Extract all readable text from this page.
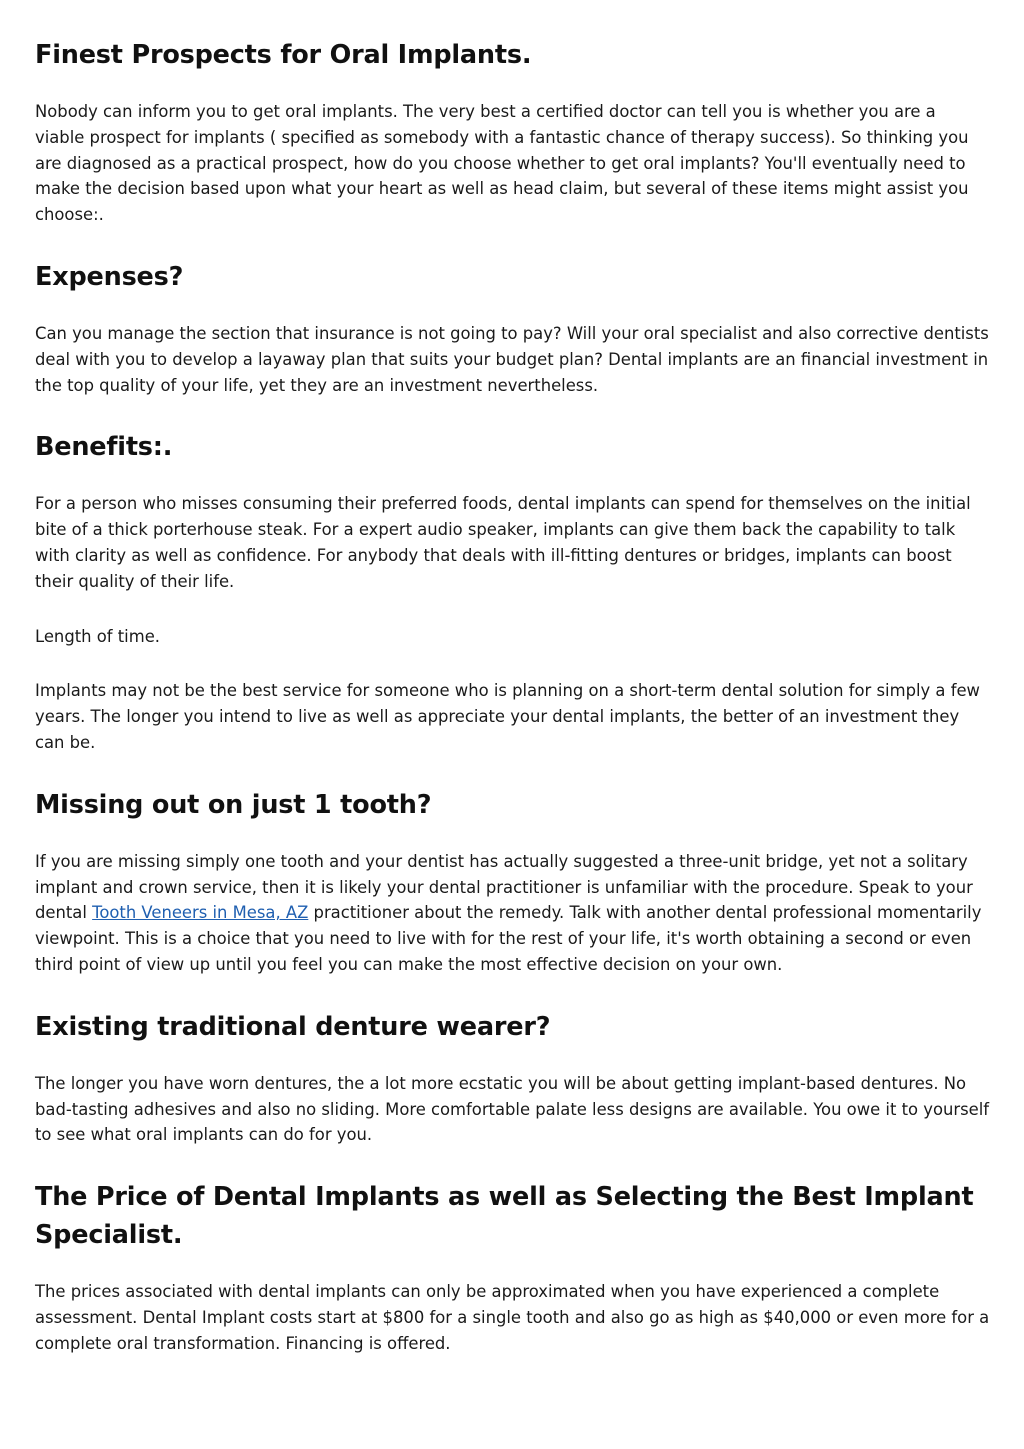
Finest Prospects for Oral Implants.

Nobody can inform you to get oral implants. The very best a certified doctor can tell you is whether you are a viable prospect for implants ( specified as somebody with a fantastic chance of therapy success). So thinking you are diagnosed as a practical prospect, how do you choose whether to get oral implants? You'll eventually need to make the decision based upon what your heart as well as head claim, but several of these items might assist you choose:.

Expenses?

Can you manage the section that insurance is not going to pay? Will your oral specialist and also corrective dentists deal with you to develop a layaway plan that suits your budget plan? Dental implants are an financial investment in the top quality of your life, yet they are an investment nevertheless.

Benefits:.

For a person who misses consuming their preferred foods, dental implants can spend for themselves on the initial bite of a thick porterhouse steak. For a expert audio speaker, implants can give them back the capability to talk with clarity as well as confidence. For anybody that deals with ill-fitting dentures or bridges, implants can boost their quality of their life.

Length of time.

Implants may not be the best service for someone who is planning on a short-term dental solution for simply a few years. The longer you intend to live as well as appreciate your dental implants, the better of an investment they can be.

Missing out on just 1 tooth?

If you are missing simply one tooth and your dentist has actually suggested a three-unit bridge, yet not a solitary implant and crown service, then it is likely your dental practitioner is unfamiliar with the procedure. Speak to your dental Tooth Veneers in Mesa, AZ practitioner about the remedy. Talk with another dental professional momentarily viewpoint. This is a choice that you need to live with for the rest of your life, it's worth obtaining a second or even third point of view up until you feel you can make the most effective decision on your own.

Existing traditional denture wearer?

The longer you have worn dentures, the a lot more ecstatic you will be about getting implant-based dentures. No bad-tasting adhesives and also no sliding. More comfortable palate less designs are available. You owe it to yourself to see what oral implants can do for you.

The Price of Dental Implants as well as Selecting the Best Implant Specialist.

The prices associated with dental implants can only be approximated when you have experienced a complete assessment. Dental Implant costs start at $800 for a single tooth and also go as high as $40,000 or even more for a complete oral transformation. Financing is offered.
